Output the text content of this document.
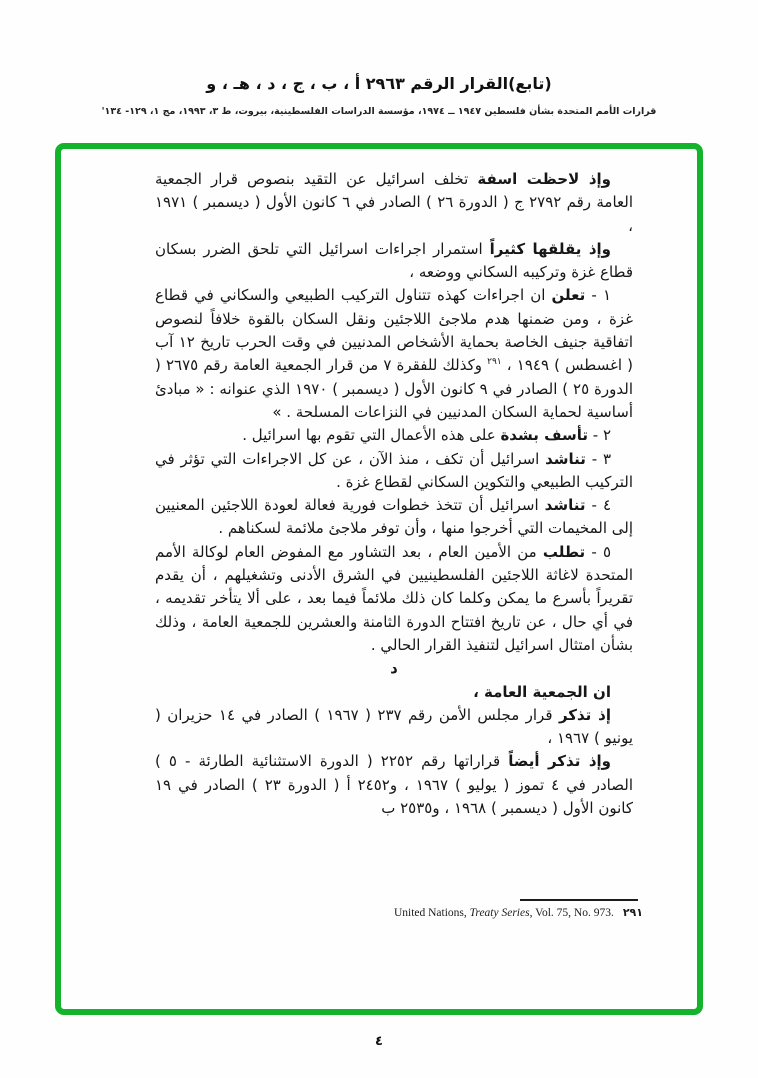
(تابع)القرار الرقم ٢٩٦٣ أ ، ب ، ج ، د ، هـ ، و
قرارات الأمم المتحدة بشأن فلسطين ١٩٤٧ ــ ١٩٧٤، مؤسسة الدراسات الفلسطينية، بيروت، ط ٣، ١٩٩٣، مج ١، ١٢٩- ١٣٤'

وإذ لاحظت اسفة تخلف اسرائيل عن التقيد بنصوص قرار الجمعية العامة رقم ٢٧٩٢ ج ( الدورة ٢٦ ) الصادر في ٦ كانون الأول ( ديسمبر ) ١٩٧١ ،

وإذ يقلقها كثيراً استمرار اجراءات اسرائيل التي تلحق الضرر بسكان قطاع غزة وتركيبه السكاني ووضعه ،

١ - تعلن ان اجراءات كهذه تتناول التركيب الطبيعي والسكاني في قطاع غزة ، ومن ضمنها هدم ملاجئ اللاجئين ونقل السكان بالقوة خلافاً لنصوص اتفاقية جنيف الخاصة بحماية الأشخاص المدنيين في وقت الحرب تاريخ ١٢ آب ( اغسطس ) ١٩٤٩ ، $^{٢٩١}$ وكذلك للفقرة ٧ من قرار الجمعية العامة رقم ٢٦٧٥ ( الدورة ٢٥ ) الصادر في ٩ كانون الأول ( ديسمبر ) ١٩٧٠ الذي عنوانه : « مبادئ أساسية لحماية السكان المدنيين في النزاعات المسلحة . »

٢ - تأسف بشدة على هذه الأعمال التي تقوم بها اسرائيل .

٣ - تناشد اسرائيل أن تكف ، منذ الآن ، عن كل الاجراءات التي تؤثر في التركيب الطبيعي والتكوين السكاني لقطاع غزة .

٤ - تناشد اسرائيل أن تتخذ خطوات فورية فعالة لعودة اللاجئين المعنيين إلى المخيمات التي أخرجوا منها ، وأن توفر ملاجئ ملائمة لسكناهم .

٥ - تطلب من الأمين العام ، بعد التشاور مع المفوض العام لوكالة الأمم المتحدة لاغاثة اللاجئين الفلسطينيين في الشرق الأدنى وتشغيلهم ، أن يقدم تقريراً بأسرع ما يمكن وكلما كان ذلك ملائماً فيما بعد ، على ألا يتأخر تقديمه ، في أي حال ، عن تاريخ افتتاح الدورة الثامنة والعشرين للجمعية العامة ، وذلك بشأن امتثال اسرائيل لتنفيذ القرار الحالي .

د

ان الجمعية العامة ،

إذ تذكر قرار مجلس الأمن رقم ٢٣٧ ( ١٩٦٧ ) الصادر في ١٤ حزيران ( يونيو ) ١٩٦٧ ،

وإذ تذكر أيضاً قراراتها رقم ٢٢٥٢ ( الدورة الاستثنائية الطارئة - ٥ ) الصادر في ٤ تموز ( يوليو ) ١٩٦٧ ، و٢٤٥٢ أ ( الدورة ٢٣ ) الصادر في ١٩ كانون الأول ( ديسمبر ) ١٩٦٨ ، و٢٥٣٥ ب

United Nations, Treaty Series, Vol. 75, No. 973. ٢٩١
٤
